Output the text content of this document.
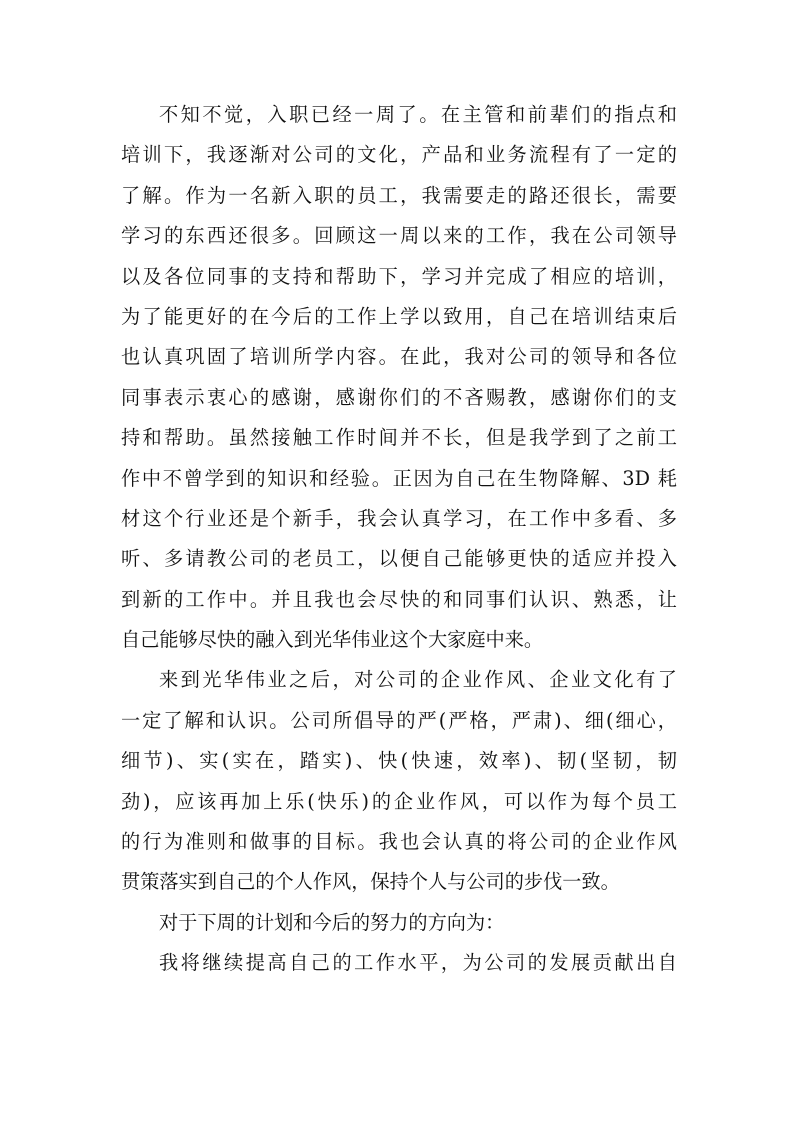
不知不觉，入职已经一周了。在主管和前辈们的指点和
培训下，我逐渐对公司的文化，产品和业务流程有了一定的
了解。作为一名新入职的员工，我需要走的路还很长，需要
学习的东西还很多。回顾这一周以来的工作，我在公司领导
以及各位同事的支持和帮助下，学习并完成了相应的培训，
为了能更好的在今后的工作上学以致用，自己在培训结束后
也认真巩固了培训所学内容。在此，我对公司的领导和各位
同事表示衷心的感谢，感谢你们的不吝赐教，感谢你们的支
持和帮助。虽然接触工作时间并不长，但是我学到了之前工
作中不曾学到的知识和经验。正因为自己在生物降解、3D 耗
材这个行业还是个新手，我会认真学习，在工作中多看、多
听、多请教公司的老员工，以便自己能够更快的适应并投入
到新的工作中。并且我也会尽快的和同事们认识、熟悉，让
自己能够尽快的融入到光华伟业这个大家庭中来。
来到光华伟业之后，对公司的企业作风、企业文化有了
一定了解和认识。公司所倡导的严(严格，严肃)、细(细心，
细节)、实(实在，踏实)、快(快速，效率)、韧(坚韧，韧
劲)，应该再加上乐(快乐)的企业作风，可以作为每个员工
的行为准则和做事的目标。我也会认真的将公司的企业作风
贯策落实到自己的个人作风，保持个人与公司的步伐一致。
对于下周的计划和今后的努力的方向为：
我将继续提高自己的工作水平，为公司的发展贡献出自
